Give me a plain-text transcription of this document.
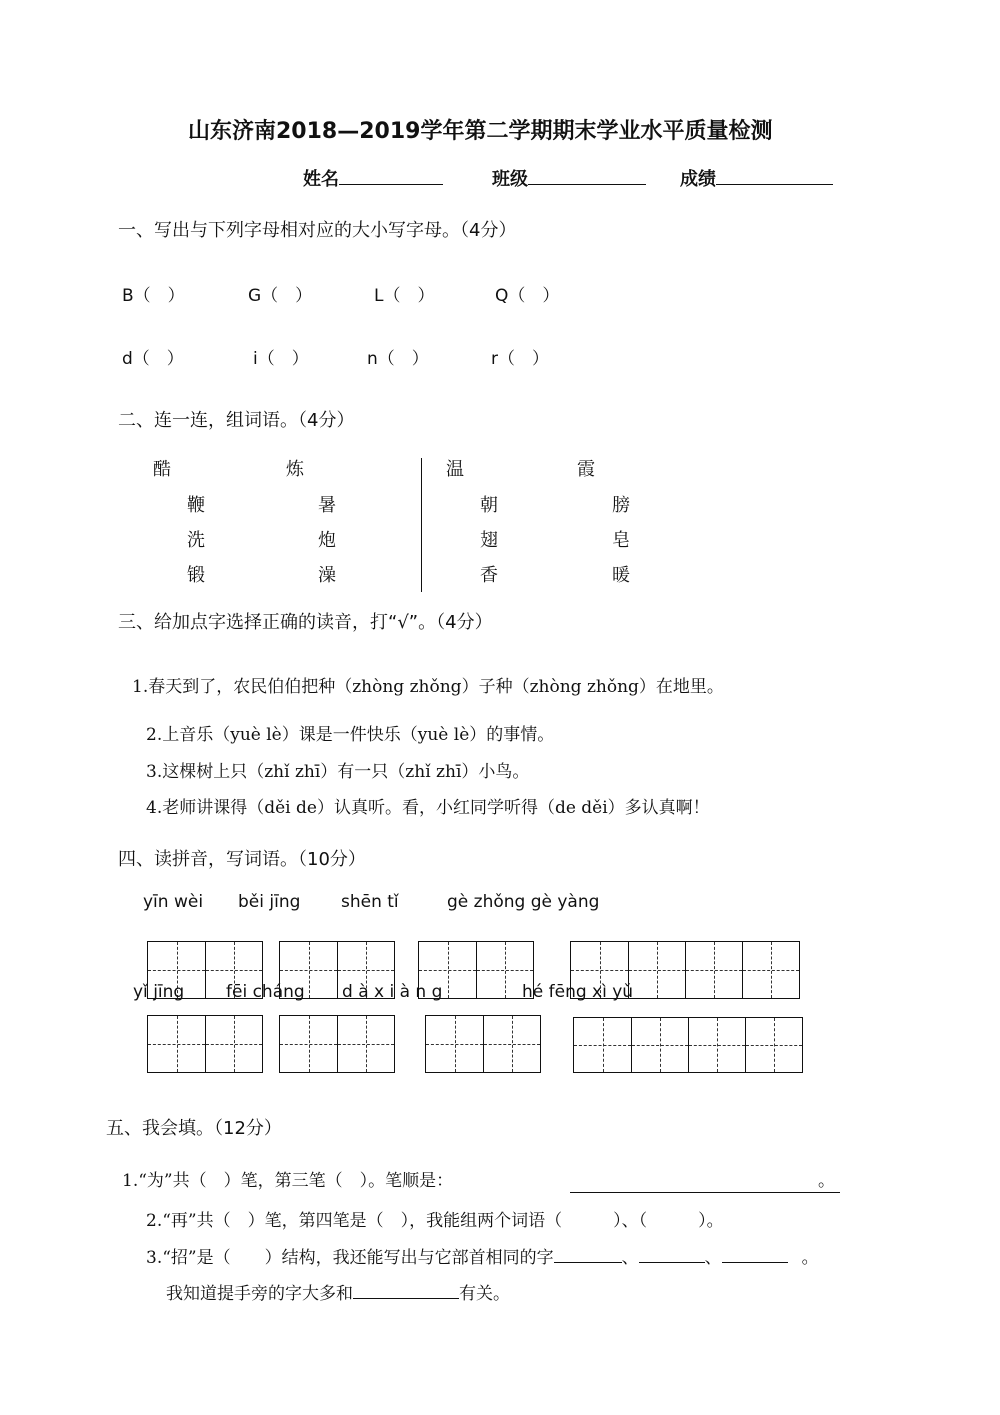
山东济南2018—2019学年第二学期期末学业水平质量检测
姓名	班级	成绩
一、写出与下列字母相对应的大小写字母。（4分）
B（　）	G（　）	L（　）	Q（　）
d（　）	i（　）	n（　）	r（　）
二、连一连，组词语。（4分）
酷	炼
鞭	暑
洗	炮
锻	澡
温	霞
朝	膀
翅	皂
香	暖
三、给加点字选择正确的读音，打“√”。（4分）
1.春天到了，农民伯伯把种（zhòng zhǒng）子种（zhòng zhǒng）在地里。
2.上音乐（yuè lè）课是一件快乐（yuè lè）的事情。
3.这棵树上只（zhǐ zhī）有一只（zhǐ zhī）小鸟。
4.老师讲课得（děi de）认真听。看，小红同学听得（de děi）多认真啊！
四、读拼音，写词语。（10分）
yīn wèi běi jīng shēn tǐ	gè zhǒng gè yàng
yǐ jīng fēi cháng d à x i à n g	hé fēng xì yǔ
五、我会填。（12分）
1.“为”共（　）笔，第三笔（　）。笔顺是：	。
2.“再”共（　）笔，第四笔是（　），我能组两个词语（　　　）、（　　　）。
3.“招”是（　　）结构，我还能写出与它部首相同的字	、	、	。
我知道提手旁的字大多和	有关。
